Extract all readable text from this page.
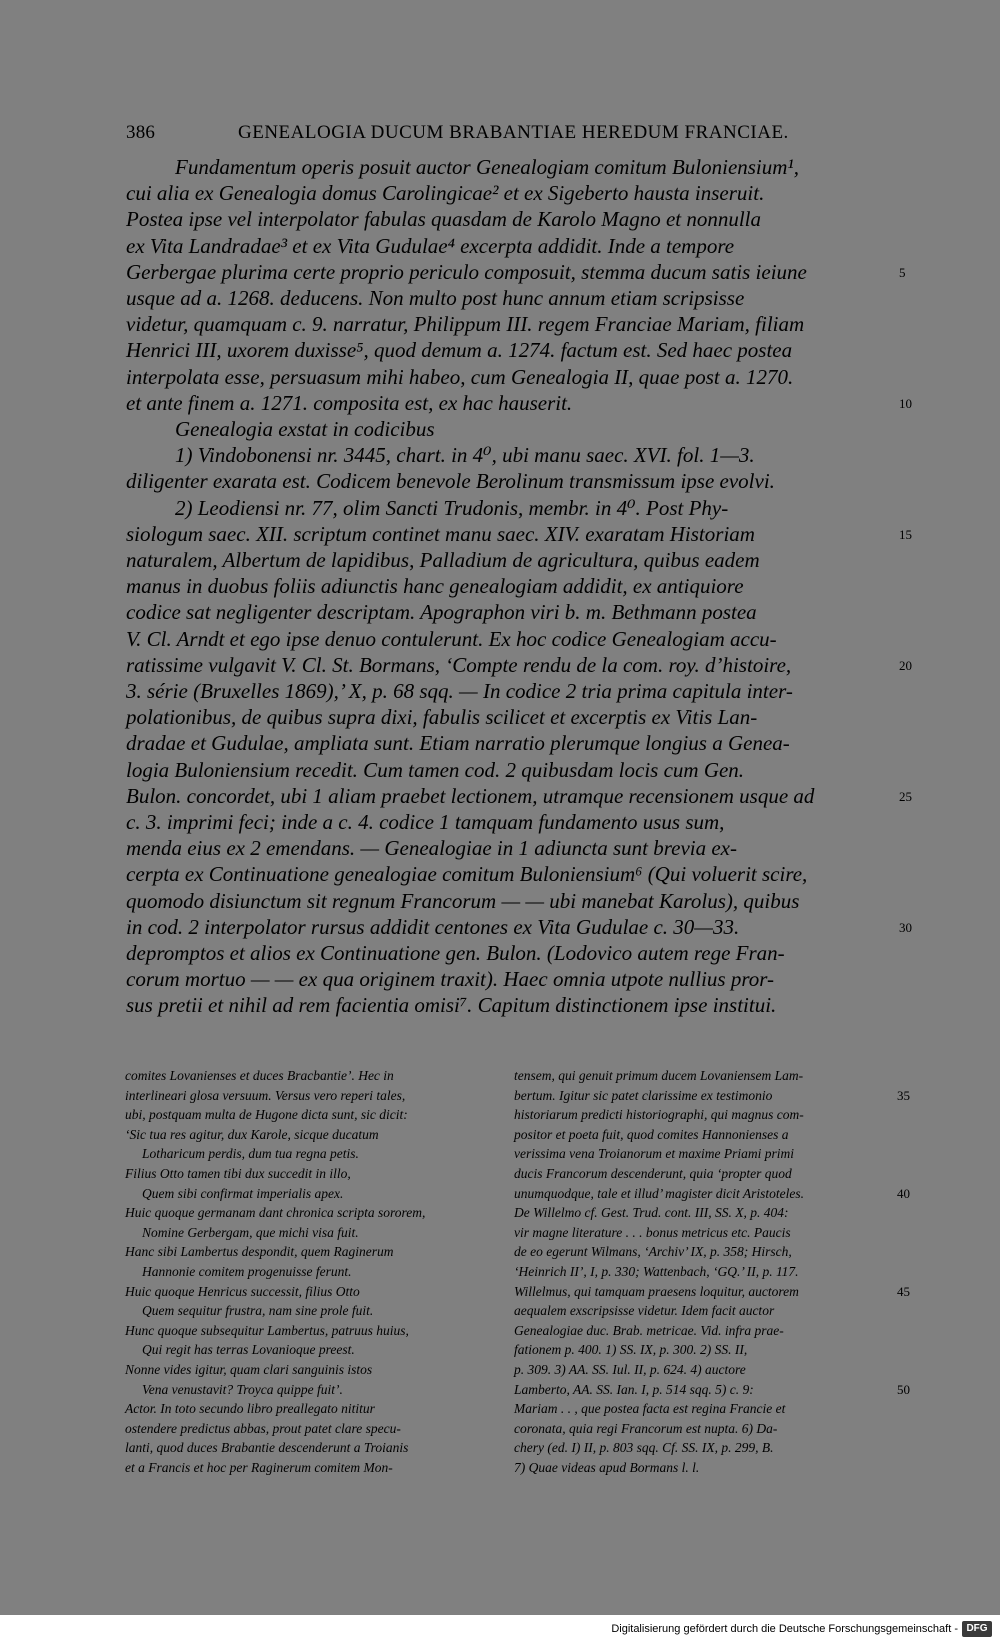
386	GENEALOGIA DUCUM BRABANTIAE HEREDUM FRANCIAE.
Fundamentum operis posuit auctor Genealogiam comitum Buloniensium¹,
cui alia ex Genealogia domus Carolingicae² et ex Sigeberto hausta inseruit.
Postea ipse vel interpolator fabulas quasdam de Karolo Magno et nonnulla
ex Vita Landradae³ et ex Vita Gudulae⁴ excerpta addidit. Inde a tempore
Gerbergae plurima certe proprio periculo composuit, stemma ducum satis ieiune
usque ad a. 1268. deducens. Non multo post hunc annum etiam scripsisse
videtur, quamquam c. 9. narratur, Philippum III. regem Franciae Mariam, filiam
Henrici III, uxorem duxisse⁵, quod demum a. 1274. factum est. Sed haec postea
interpolata esse, persuasum mihi habeo, cum Genealogia II, quae post a. 1270.
et ante finem a. 1271. composita est, ex hac hauserit.
Genealogia exstat in codicibus
1) Vindobonensi nr. 3445, chart. in 4⁰, ubi manu saec. XVI. fol. 1—3.
diligenter exarata est. Codicem benevole Berolinum transmissum ipse evolvi.
2) Leodiensi nr. 77, olim Sancti Trudonis, membr. in 4⁰. Post Phy-
siologum saec. XII. scriptum continet manu saec. XIV. exaratam Historiam
naturalem, Albertum de lapidibus, Palladium de agricultura, quibus eadem
manus in duobus foliis adiunctis hanc genealogiam addidit, ex antiquiore
codice sat negligenter descriptam. Apographon viri b. m. Bethmann postea
V. Cl. Arndt et ego ipse denuo contulerunt. Ex hoc codice Genealogiam accu-
ratissime vulgavit V. Cl. St. Bormans, ‘Compte rendu de la com. roy. d’histoire,
3. série (Bruxelles 1869),’ X, p. 68 sqq. — In codice 2 tria prima capitula inter-
polationibus, de quibus supra dixi, fabulis scilicet et excerptis ex Vitis Lan-
dradae et Gudulae, ampliata sunt. Etiam narratio plerumque longius a Genea-
logia Buloniensium recedit. Cum tamen cod. 2 quibusdam locis cum Gen.
Bulon. concordet, ubi 1 aliam praebet lectionem, utramque recensionem usque ad
c. 3. imprimi feci; inde a c. 4. codice 1 tamquam fundamento usus sum,
menda eius ex 2 emendans. — Genealogiae in 1 adiuncta sunt brevia ex-
cerpta ex Continuatione genealogiae comitum Buloniensium⁶ (Qui voluerit scire,
quomodo disiunctum sit regnum Francorum — — ubi manebat Karolus), quibus
in cod. 2 interpolator rursus addidit centones ex Vita Gudulae c. 30—33.
depromptos et alios ex Continuatione gen. Bulon. (Lodovico autem rege Fran-
corum mortuo — — ex qua originem traxit). Haec omnia utpote nullius pror-
sus pretii et nihil ad rem facientia omisi⁷. Capitum distinctionem ipse institui.
5
10
15
20
25
30
comites Lovanienses et duces Bracbantie’. Hec in
interlineari glosa versuum. Versus vero reperi tales,
ubi, postquam multa de Hugone dicta sunt, sic dicit:
‘Sic tua res agitur, dux Karole, sicque ducatum
Lotharicum perdis, dum tua regna petis.
Filius Otto tamen tibi dux succedit in illo,
Quem sibi confirmat imperialis apex.
Huic quoque germanam dant chronica scripta sororem,
Nomine Gerbergam, que michi visa fuit.
Hanc sibi Lambertus despondit, quem Raginerum
Hannonie comitem progenuisse ferunt.
Huic quoque Henricus successit, filius Otto
Quem sequitur frustra, nam sine prole fuit.
Hunc quoque subsequitur Lambertus, patruus huius,
Qui regit has terras Lovanioque preest.
Nonne vides igitur, quam clari sanguinis istos
Vena venustavit? Troyca quippe fuit’.
Actor. In toto secundo libro preallegato nititur
ostendere predictus abbas, prout patet clare specu-
lanti, quod duces Brabantie descenderunt a Troianis
et a Francis et hoc per Raginerum comitem Mon-
tensem, qui genuit primum ducem Lovaniensem Lam-
bertum. Igitur sic patet clarissime ex testimonio
historiarum predicti historiographi, qui magnus com-
positor et poeta fuit, quod comites Hannonienses a
verissima vena Troianorum et maxime Priami primi
ducis Francorum descenderunt, quia ‘propter quod
unumquodque, tale et illud’ magister dicit Aristoteles.
De Willelmo cf. Gest. Trud. cont. III, SS. X, p. 404:
vir magne literature . . . bonus metricus etc. Paucis
de eo egerunt Wilmans, ‘Archiv’ IX, p. 358; Hirsch,
‘Heinrich II’, I, p. 330; Wattenbach, ‘GQ.’ II, p. 117.
Willelmus, qui tamquam praesens loquitur, auctorem
aequalem exscripsisse videtur. Idem facit auctor
Genealogiae duc. Brab. metricae. Vid. infra prae-
fationem p. 400. 1) SS. IX, p. 300. 2) SS. II,
p. 309. 3) AA. SS. Iul. II, p. 624. 4) auctore
Lamberto, AA. SS. Ian. I, p. 514 sqq. 5) c. 9:
Mariam . . , que postea facta est regina Francie et
coronata, quia regi Francorum est nupta. 6) Da-
chery (ed. I) II, p. 803 sqq. Cf. SS. IX, p. 299, B.
7) Quae videas apud Bormans l. l.
35
40
45
50
Digitalisierung gefördert durch die Deutsche Forschungsgemeinschaft - DFG
